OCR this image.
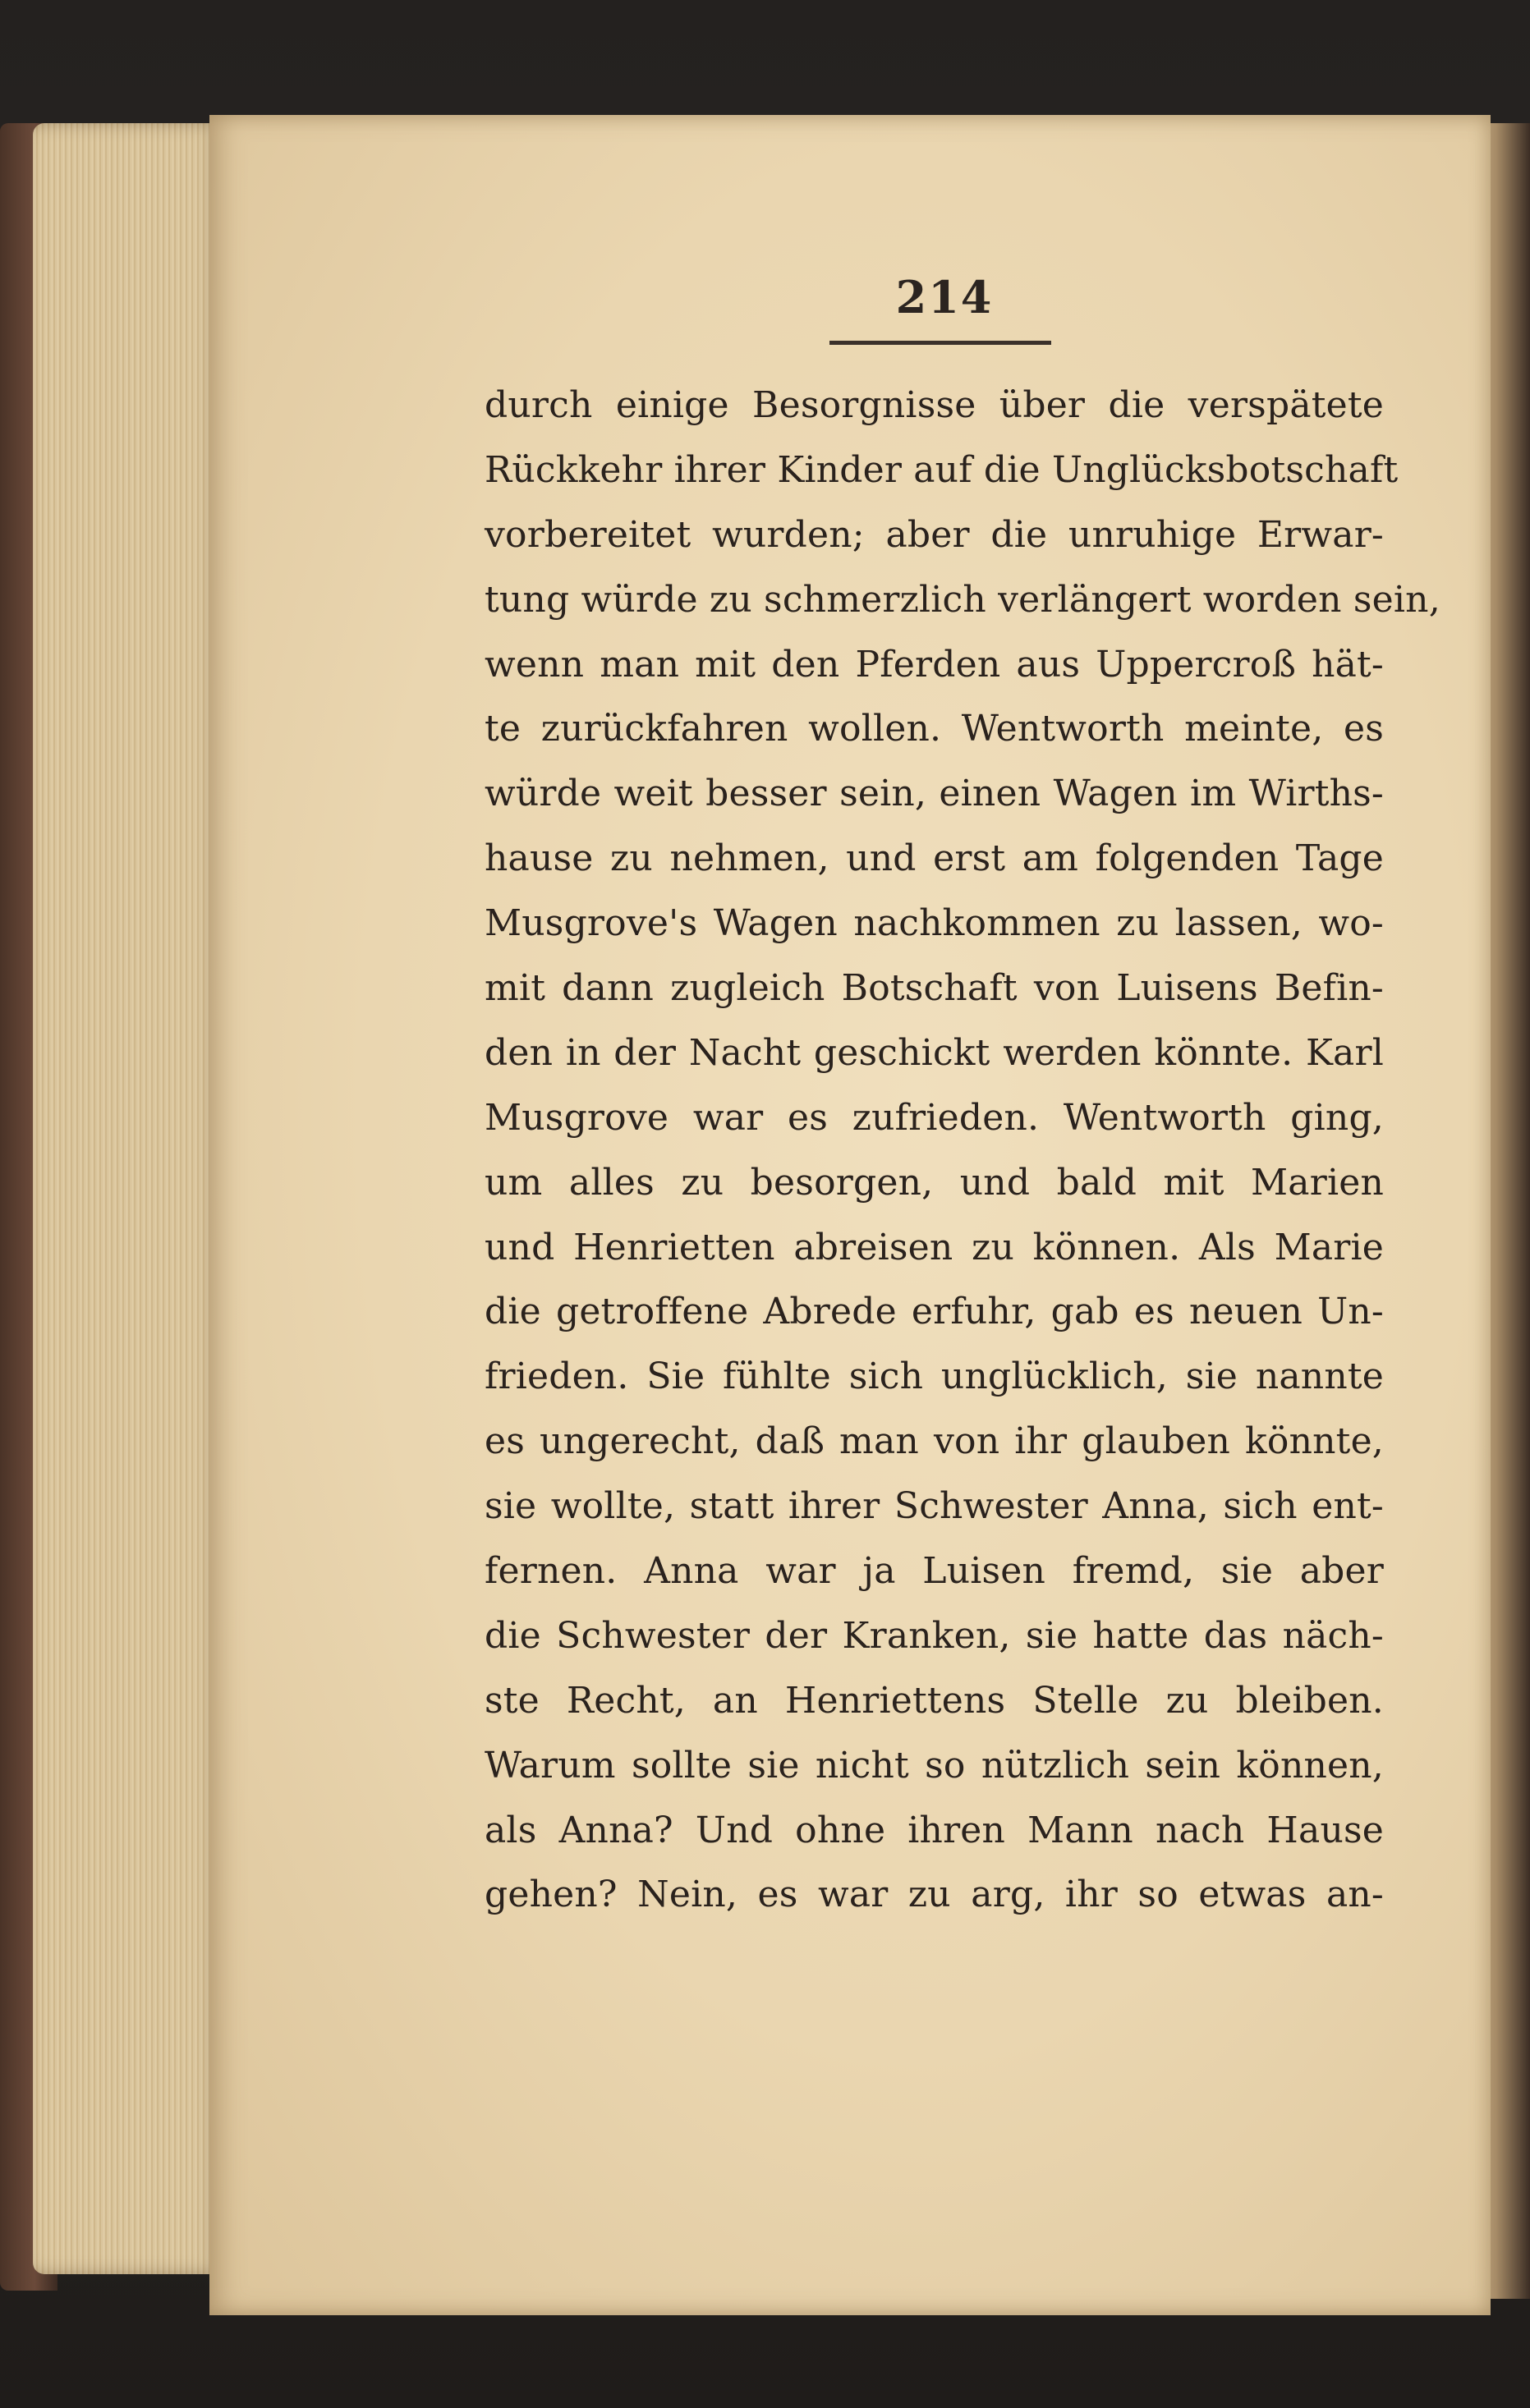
214
durch einige Besorgnisse über die verspätete
Rückkehr ihrer Kinder auf die Unglücksbotschaft
vorbereitet wurden; aber die unruhige Erwar-
tung würde zu schmerzlich verlängert worden sein,
wenn man mit den Pferden aus Uppercroß hät-
te zurückfahren wollen. Wentworth meinte, es
würde weit besser sein, einen Wagen im Wirths-
hause zu nehmen, und erst am folgenden Tage
Musgrove's Wagen nachkommen zu lassen, wo-
mit dann zugleich Botschaft von Luisens Befin-
den in der Nacht geschickt werden könnte. Karl
Musgrove war es zufrieden. Wentworth ging,
um alles zu besorgen, und bald mit Marien
und Henrietten abreisen zu können. Als Marie
die getroffene Abrede erfuhr, gab es neuen Un-
frieden. Sie fühlte sich unglücklich, sie nannte
es ungerecht, daß man von ihr glauben könnte,
sie wollte, statt ihrer Schwester Anna, sich ent-
fernen. Anna war ja Luisen fremd, sie aber
die Schwester der Kranken, sie hatte das näch-
ste Recht, an Henriettens Stelle zu bleiben.
Warum sollte sie nicht so nützlich sein können,
als Anna? Und ohne ihren Mann nach Hause
gehen? Nein, es war zu arg, ihr so etwas an-
